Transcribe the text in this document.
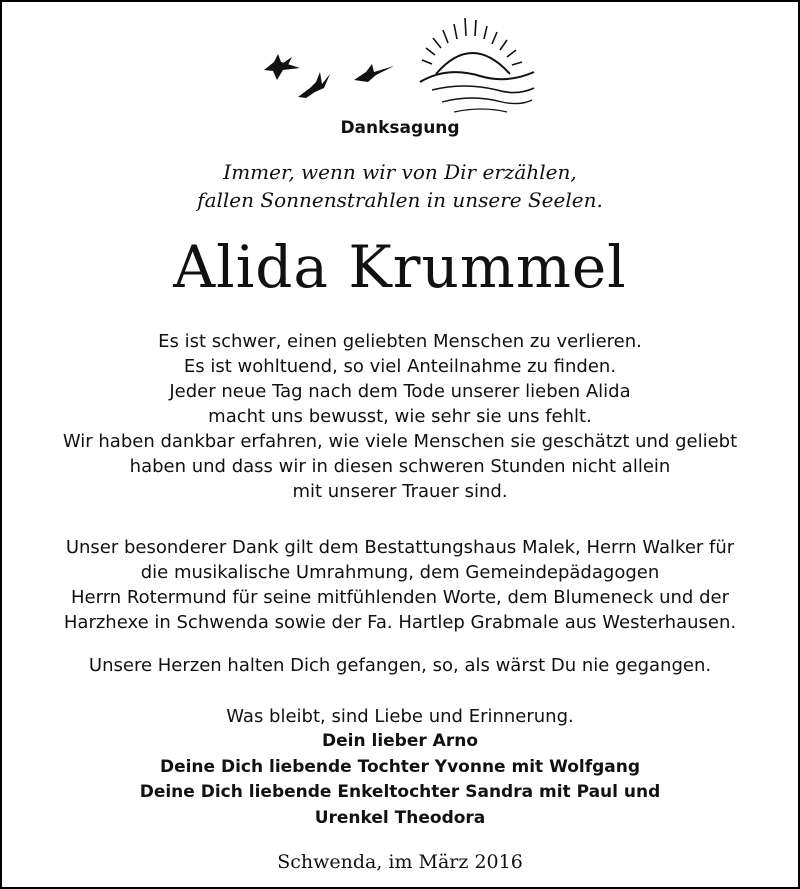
Danksagung
Immer, wenn wir von Dir erzählen,
fallen Sonnenstrahlen in unsere Seelen.
Alida Krummel
Es ist schwer, einen geliebten Menschen zu verlieren.
Es ist wohltuend, so viel Anteilnahme zu finden.
Jeder neue Tag nach dem Tode unserer lieben Alida
macht uns bewusst, wie sehr sie uns fehlt.
Wir haben dankbar erfahren, wie viele Menschen sie geschätzt und geliebt
haben und dass wir in diesen schweren Stunden nicht allein
mit unserer Trauer sind.
Unser besonderer Dank gilt dem Bestattungshaus Malek, Herrn Walker für
die musikalische Umrahmung, dem Gemeindepädagogen
Herrn Rotermund für seine mitfühlenden Worte, dem Blumeneck und der
Harzhexe in Schwenda sowie der Fa. Hartlep Grabmale aus Westerhausen.
Unsere Herzen halten Dich gefangen, so, als wärst Du nie gegangen.
Was bleibt, sind Liebe und Erinnerung.
Dein lieber Arno
Deine Dich liebende Tochter Yvonne mit Wolfgang
Deine Dich liebende Enkeltochter Sandra mit Paul und
Urenkel Theodora
Schwenda, im März 2016
